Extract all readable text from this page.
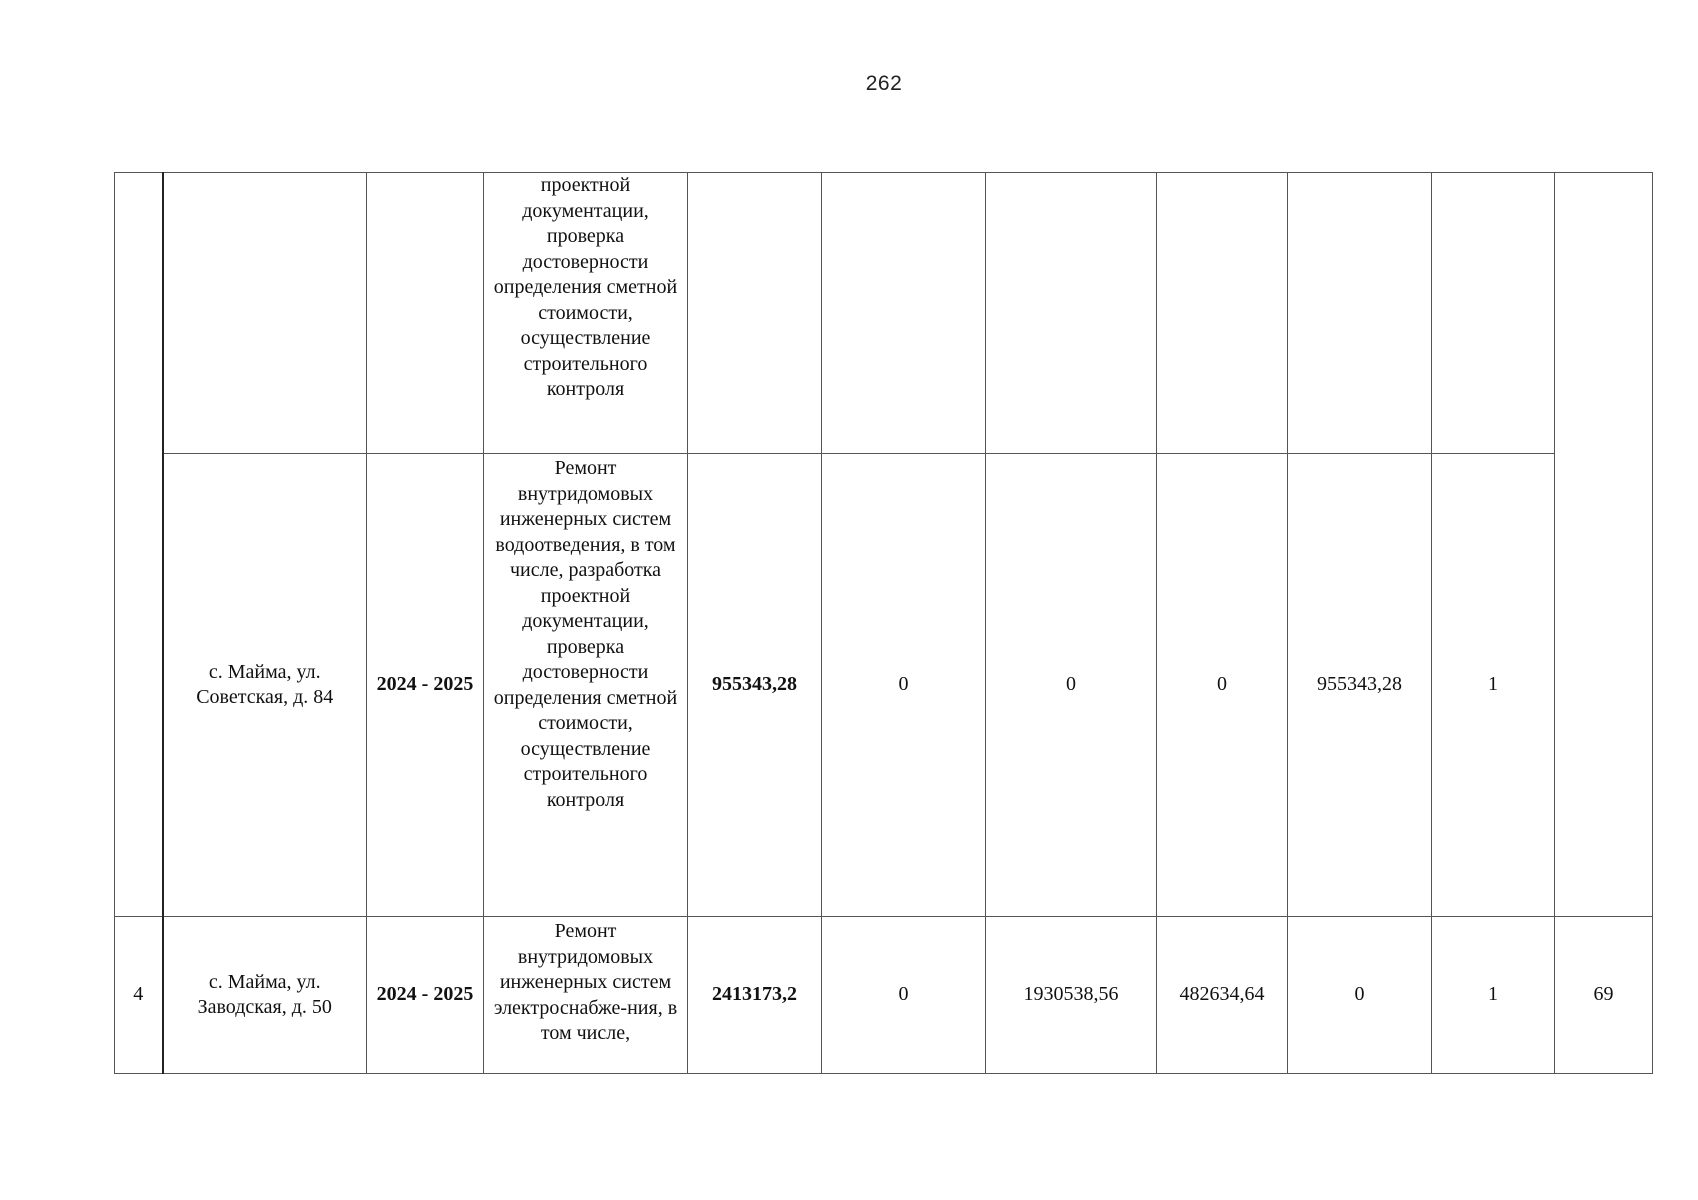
262
			проектной документации, проверка достоверности определения сметной стоимости, осуществление строительного контроля							
	с. Майма, ул. Советская, д. 84	2024 - 2025	Ремонт внутридомовых инженерных систем водоотведения, в том числе, разработка проектной документации, проверка достоверности определения сметной стоимости, осуществление строительного контроля	955343,28	0	0	0	955343,28	1	
4	с. Майма, ул. Заводская, д. 50	2024 - 2025	Ремонт внутридомовых инженерных систем электроснабже-ния, в том числе,	2413173,2	0	1930538,56	482634,64	0	1	69
